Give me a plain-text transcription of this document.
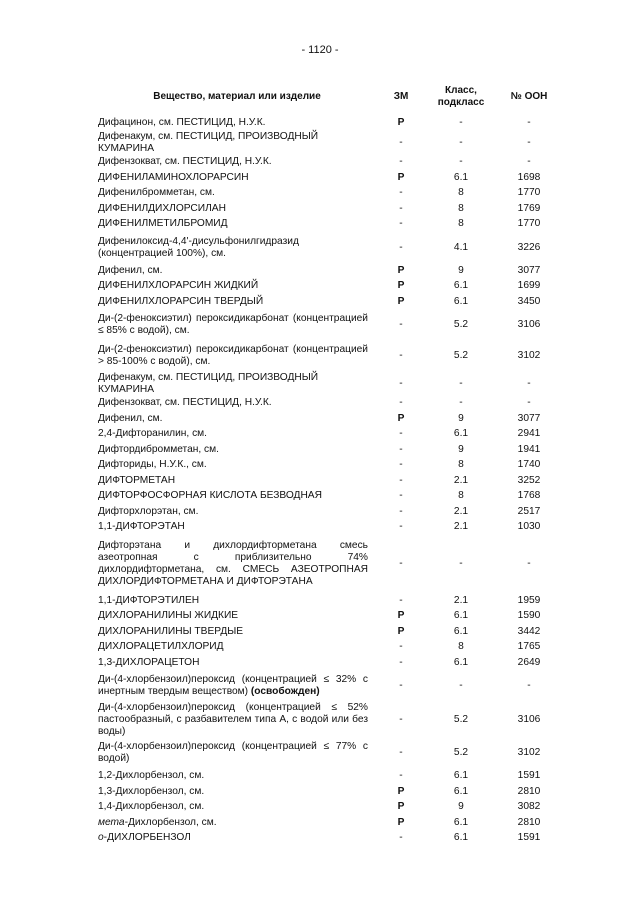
- 1120 -
Вещество, материал или изделие	ЗМ	Класс, подкласс	№ ООН
Дифацинон, см. ПЕСТИЦИД, Н.У.К.	P	-	-
Дифенакум, см. ПЕСТИЦИД, ПРОИЗВОДНЫЙ КУМАРИНА	-	-	-
Дифензокват, см. ПЕСТИЦИД, Н.У.К.	-	-	-
ДИФЕНИЛАМИНОХЛОРАРСИН	P	6.1	1698
Дифенилбромметан, см.	-	8	1770
ДИФЕНИЛДИХЛОРСИЛАН	-	8	1769
ДИФЕНИЛМЕТИЛБРОМИД	-	8	1770
Дифенилоксид-4,4'-дисульфонилгидразид (концентрацией 100%), см.	-	4.1	3226
Дифенил, см.	P	9	3077
ДИФЕНИЛХЛОРАРСИН ЖИДКИЙ	P	6.1	1699
ДИФЕНИЛХЛОРАРСИН ТВЕРДЫЙ	P	6.1	3450
Ди-(2-феноксиэтил) пероксидикарбонат (концентрацией ≤ 85% с водой), см.	-	5.2	3106
Ди-(2-феноксиэтил) пероксидикарбонат (концентрацией > 85-100% с водой), см.	-	5.2	3102
Дифенакум, см. ПЕСТИЦИД, ПРОИЗВОДНЫЙ КУМАРИНА	-	-	-
Дифензокват, см. ПЕСТИЦИД, Н.У.К.	-	-	-
Дифенил, см.	P	9	3077
2,4-Дифторанилин, см.	-	6.1	2941
Дифтордибромметан, см.	-	9	1941
Дифториды, Н.У.К., см.	-	8	1740
ДИФТОРМЕТАН	-	2.1	3252
ДИФТОРФОСФОРНАЯ КИСЛОТА БЕЗВОДНАЯ	-	8	1768
Дифторхлорэтан, см.	-	2.1	2517
1,1-ДИФТОРЭТАН	-	2.1	1030
Дифторэтана и дихлордифторметана смесь азеотропная с приблизительно 74% дихлордифторметана, см. СМЕСЬ АЗЕОТРОПНАЯ ДИХЛОРДИФТОРМЕТАНА И ДИФТОРЭТАНА	-	-	-
1,1-ДИФТОРЭТИЛЕН	-	2.1	1959
ДИХЛОРАНИЛИНЫ ЖИДКИЕ	P	6.1	1590
ДИХЛОРАНИЛИНЫ ТВЕРДЫЕ	P	6.1	3442
ДИХЛОРАЦЕТИЛХЛОРИД	-	8	1765
1,3-ДИХЛОРАЦЕТОН	-	6.1	2649
Ди-(4-хлорбензоил)пероксид (концентрацией ≤ 32% с инертным твердым веществом) (освобожден)	-	-	-
Ди-(4-хлорбензоил)пероксид (концентрацией ≤ 52% пастообразный, с разбавителем типа А, с водой или без воды)	-	5.2	3106
Ди-(4-хлорбензоил)пероксид (концентрацией ≤ 77% с водой)	-	5.2	3102
1,2-Дихлорбензол, см.	-	6.1	1591
1,3-Дихлорбензол, см.	P	6.1	2810
1,4-Дихлорбензол, см.	P	9	3082
мета-Дихлорбензол, см.	P	6.1	2810
о-ДИХЛОРБЕНЗОЛ	-	6.1	1591
